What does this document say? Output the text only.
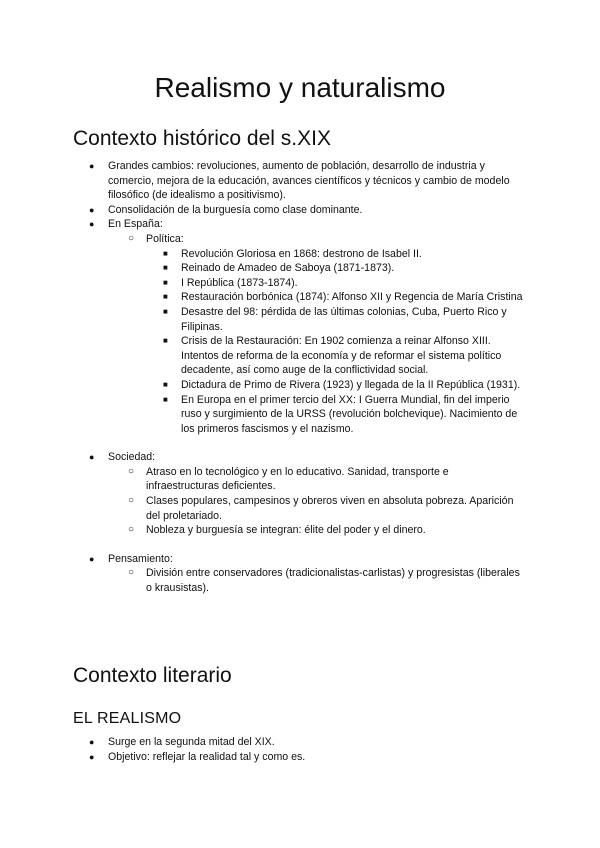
Realismo y naturalismo
Contexto histórico del s.XIX
● Grandes cambios: revoluciones, aumento de población, desarrollo de industria y comercio, mejora de la educación, avances científicos y técnicos y cambio de modelo filosófico (de idealismo a positivismo).
● Consolidación de la burguesía como clase dominante.
● En España:
○ Política:
■ Revolución Gloriosa en 1868: destrono de Isabel II.
■ Reinado de Amadeo de Saboya (1871-1873).
■ I República (1873-1874).
■ Restauración borbónica (1874): Alfonso XII y Regencia de María Cristina
■ Desastre del 98: pérdida de las últimas colonias, Cuba, Puerto Rico y Filipinas.
■ Crisis de la Restauración: En 1902 comienza a reinar Alfonso XIII. Intentos de reforma de la economía y de reformar el sistema político decadente, así como auge de la conflictividad social.
■ Dictadura de Primo de Rivera (1923) y llegada de la II República (1931).
■ En Europa en el primer tercio del XX: I Guerra Mundial, fin del imperio ruso y surgimiento de la URSS (revolución bolchevique). Nacimiento de los primeros fascismos y el nazismo.
● Sociedad:
○ Atraso en lo tecnológico y en lo educativo. Sanidad, transporte e infraestructuras deficientes.
○ Clases populares, campesinos y obreros viven en absoluta pobreza. Aparición del proletariado.
○ Nobleza y burguesía se integran: élite del poder y el dinero.
● Pensamiento:
○ División entre conservadores (tradicionalistas-carlistas) y progresistas (liberales o krausistas).
Contexto literario
EL REALISMO
● Surge en la segunda mitad del XIX.
● Objetivo: reflejar la realidad tal y como es.
